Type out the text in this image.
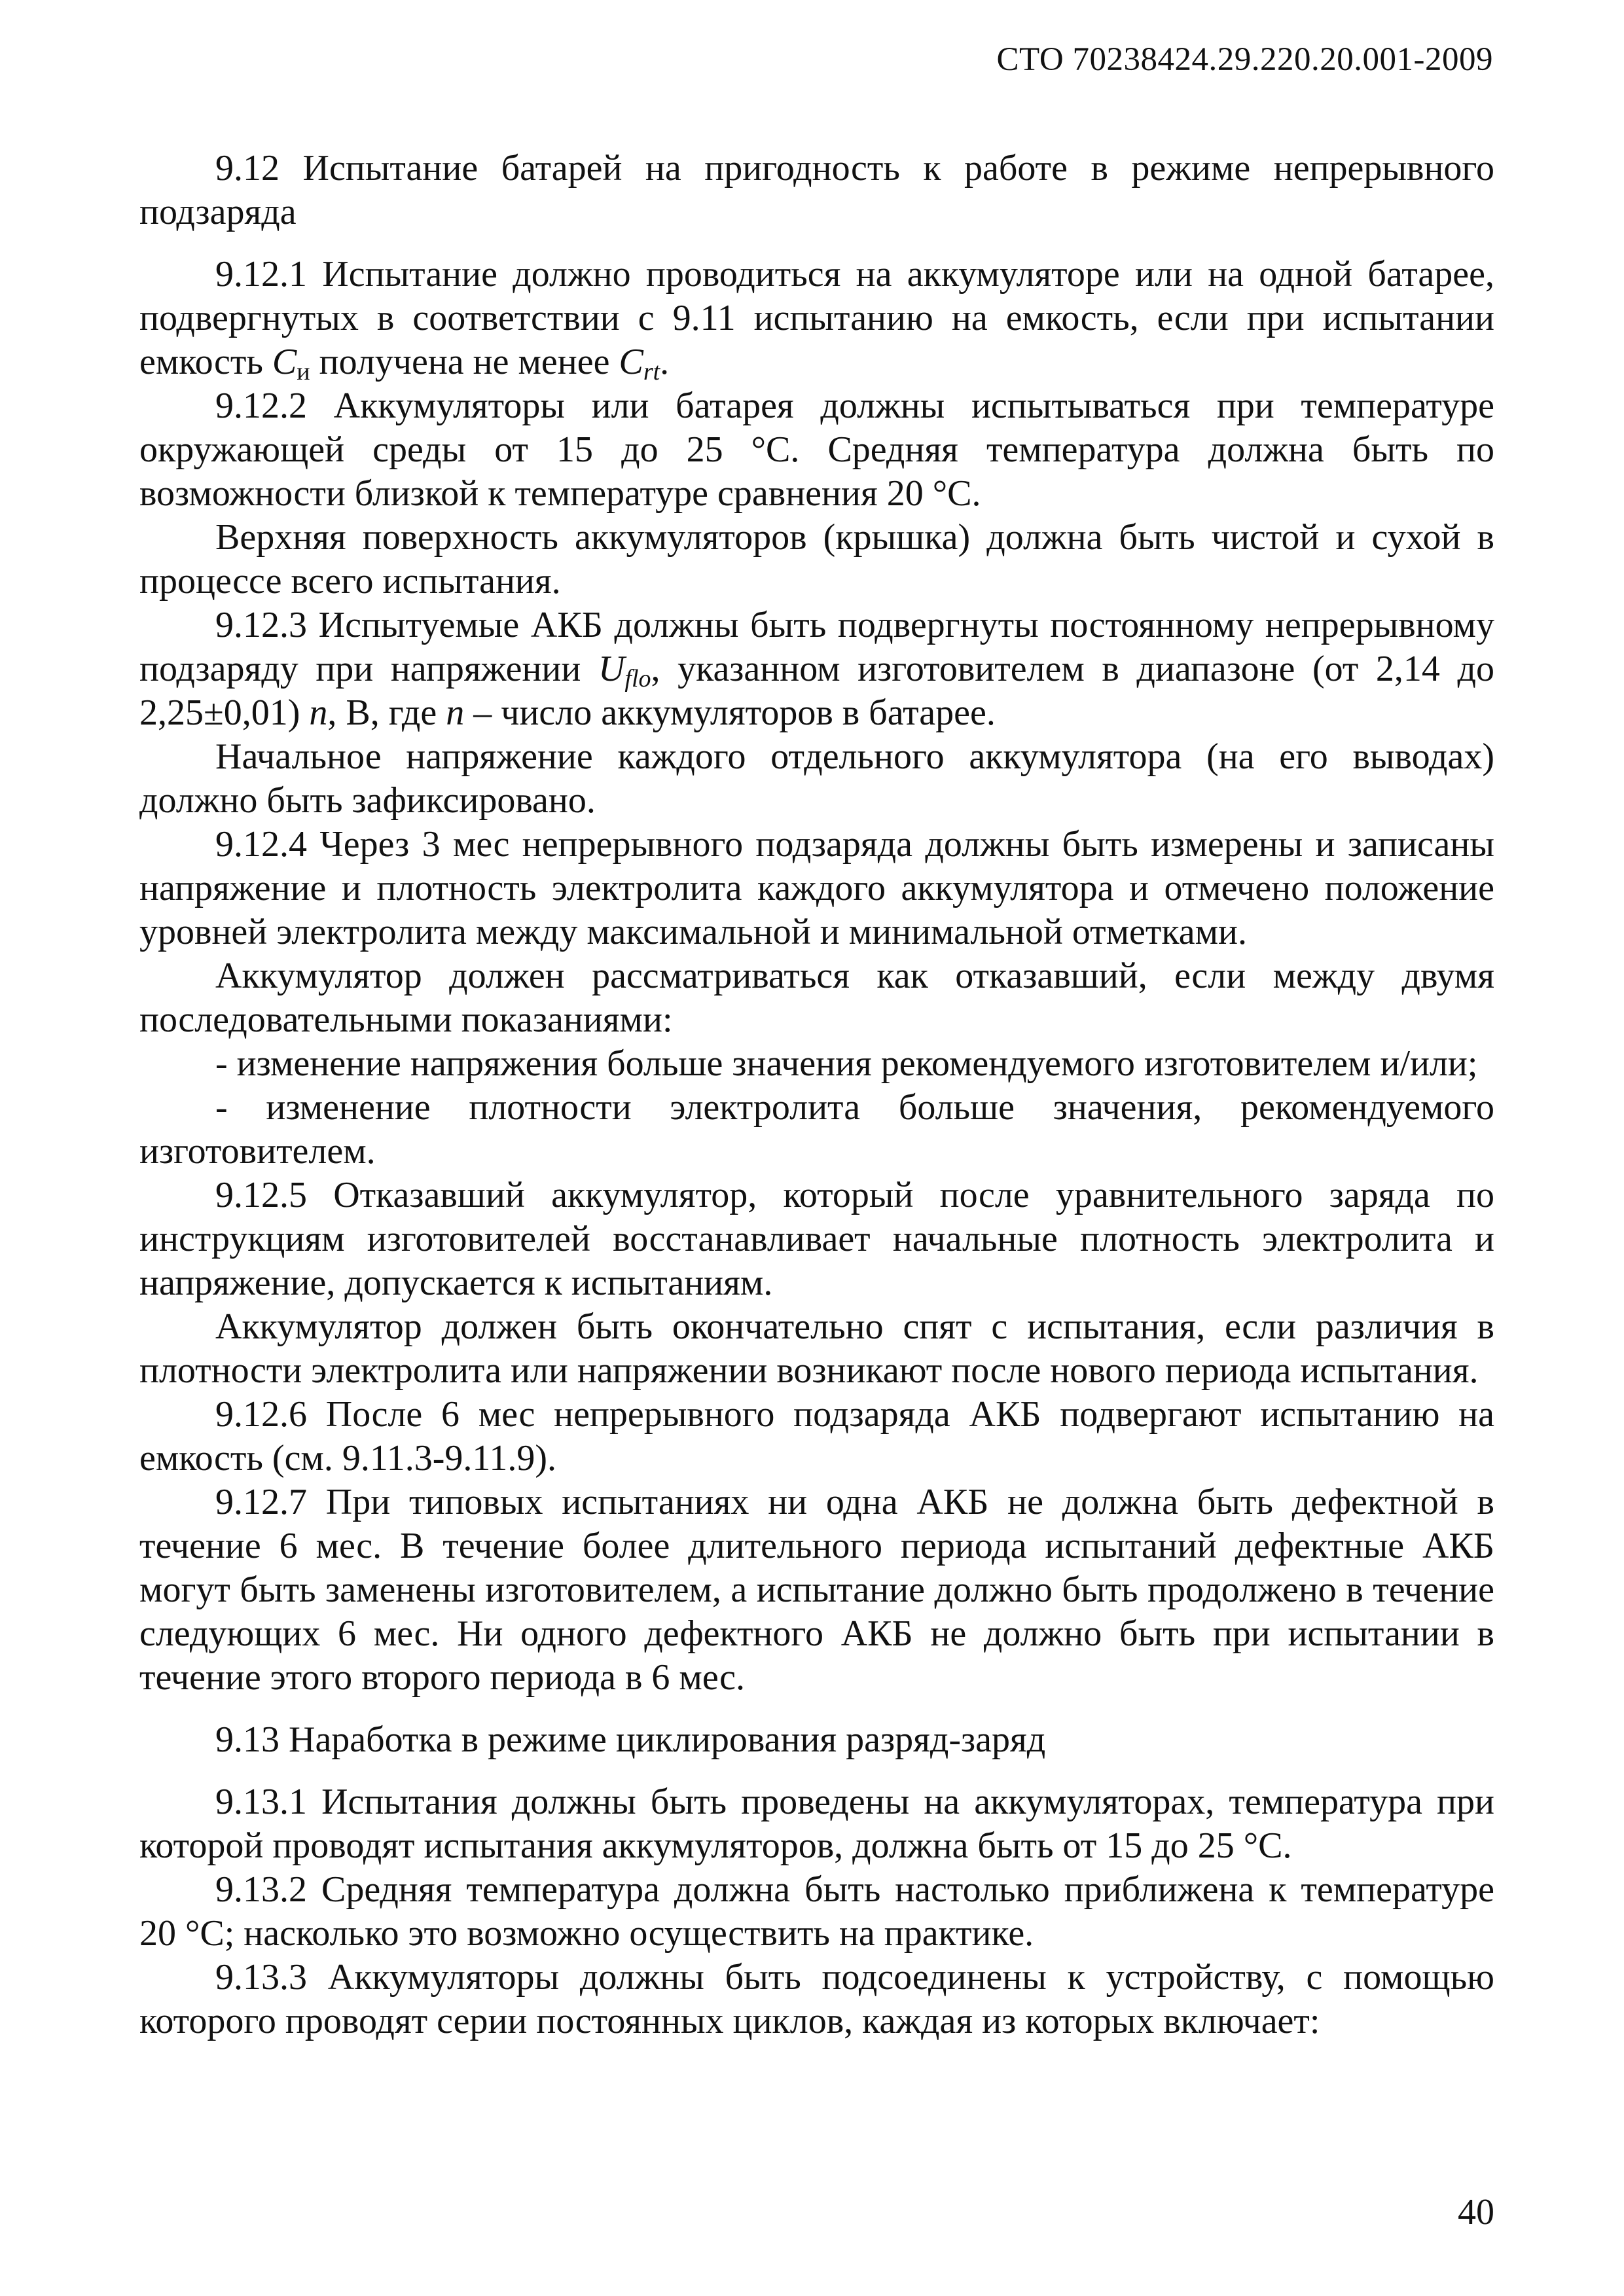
СТО 70238424.29.220.20.001-2009

9.12 Испытание батарей на пригодность к работе в режиме непрерывного подзаряда

9.12.1 Испытание должно проводиться на аккумуляторе или на одной батарее, подвергнутых в соответствии с 9.11 испытанию на емкость, если при испытании емкость $C_и$ получена не менее $C_{rt}$.

9.12.2 Аккумуляторы или батарея должны испытываться при температуре окружающей среды от 15 до 25 °С. Средняя температура должна быть по возможности близкой к температуре сравнения 20 °С.

Верхняя поверхность аккумуляторов (крышка) должна быть чистой и сухой в процессе всего испытания.

9.12.3 Испытуемые АКБ должны быть подвергнуты постоянному непрерывному подзаряду при напряжении $U_{flo}$, указанном изготовителем в диапазоне (от 2,14 до 2,25±0,01) n, В, где n – число аккумуляторов в батарее.

Начальное напряжение каждого отдельного аккумулятора (на его выводах) должно быть зафиксировано.

9.12.4 Через 3 мес непрерывного подзаряда должны быть измерены и записаны напряжение и плотность электролита каждого аккумулятора и отмечено положение уровней электролита между максимальной и минимальной отметками.

Аккумулятор должен рассматриваться как отказавший, если между двумя последовательными показаниями:

- изменение напряжения больше значения рекомендуемого изготовителем и/или;

- изменение плотности электролита больше значения, рекомендуемого изготовителем.

9.12.5 Отказавший аккумулятор, который после уравнительного заряда по инструкциям изготовителей восстанавливает начальные плотность электролита и напряжение, допускается к испытаниям.

Аккумулятор должен быть окончательно спят с испытания, если различия в плотности электролита или напряжении возникают после нового периода испытания.

9.12.6 После 6 мес непрерывного подзаряда АКБ подвергают испытанию на емкость (см. 9.11.3-9.11.9).

9.12.7 При типовых испытаниях ни одна АКБ не должна быть дефектной в течение 6 мес. В течение более длительного периода испытаний дефектные АКБ могут быть заменены изготовителем, а испытание должно быть продолжено в течение следующих 6 мес. Ни одного дефектного АКБ не должно быть при испытании в течение этого второго периода в 6 мес.

9.13 Наработка в режиме циклирования разряд-заряд

9.13.1 Испытания должны быть проведены на аккумуляторах, температура при которой проводят испытания аккумуляторов, должна быть от 15 до 25 °С.

9.13.2 Средняя температура должна быть настолько приближена к температуре 20 °С; насколько это возможно осуществить на практике.

9.13.3 Аккумуляторы должны быть подсоединены к устройству, с помощью которого проводят серии постоянных циклов, каждая из которых включает:

40
